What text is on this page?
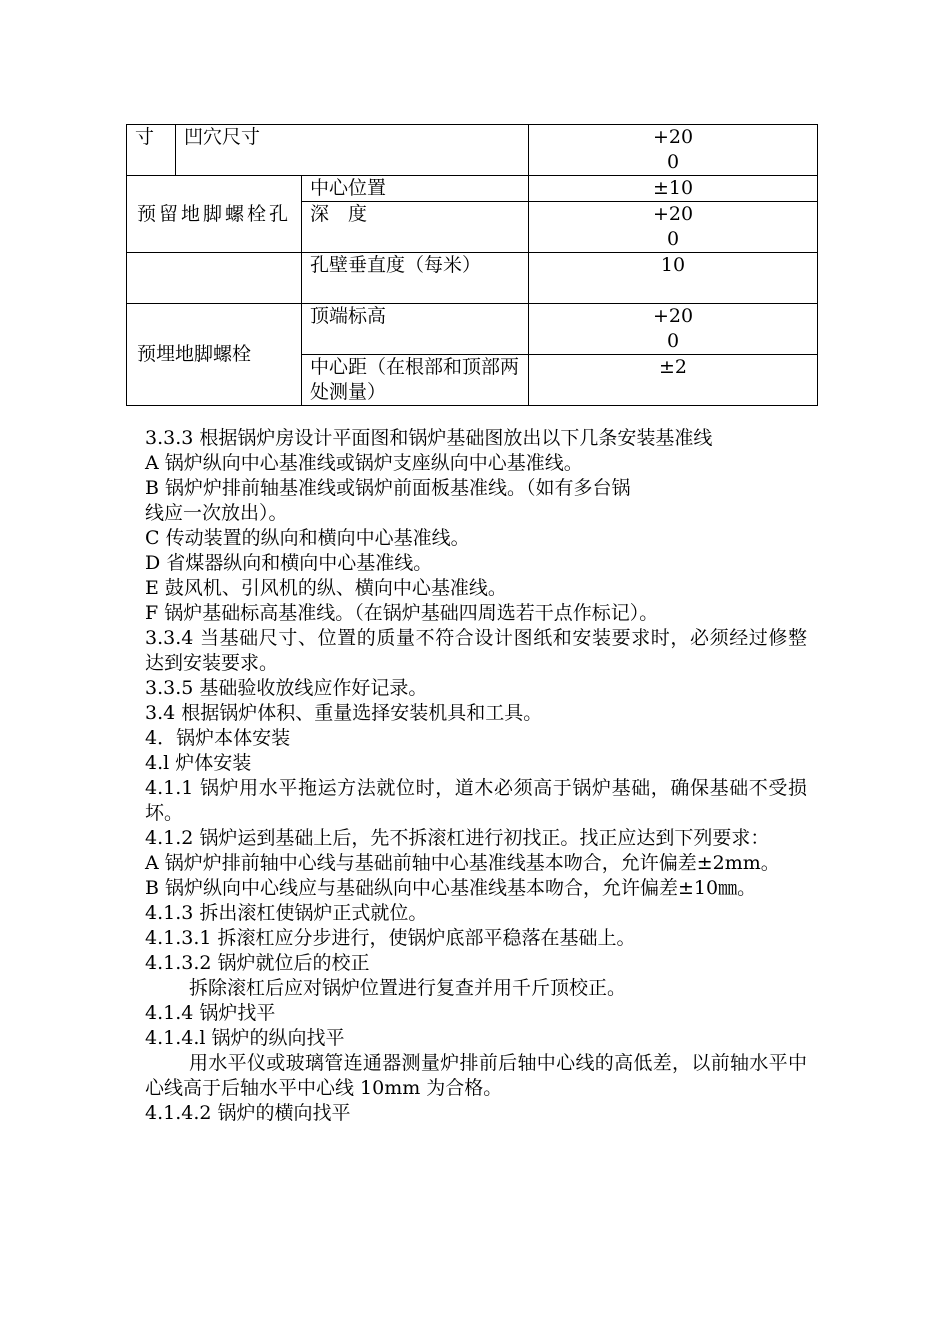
寸	凹穴尺寸		+20
0

预留地脚螺栓孔		中心位置	±10
		深　度	+20
0

		孔壁垂直度（每米）	10
预埋地脚螺栓		顶端标高	+20
0

		中心距（在根部和顶部两处测量）	±2

3.3.3 根据锅炉房设计平面图和锅炉基础图放出以下几条安装基准线

A 锅炉纵向中心基准线或锅炉支座纵向中心基准线。

B 锅炉炉排前轴基准线或锅炉前面板基准线。（如有多台锅

线应一次放出）。

C 传动装置的纵向和横向中心基准线。

D 省煤器纵向和横向中心基准线。

E 鼓风机、引风机的纵、横向中心基准线。

F 锅炉基础标高基准线。（在锅炉基础四周选若干点作标记）。

3.3.4 当基础尺寸、位置的质量不符合设计图纸和安装要求时，必须经过修整达到安装要求。

3.3.5 基础验收放线应作好记录。

3.4 根据锅炉体积、重量选择安装机具和工具。

4．锅炉本体安装

4.l 炉体安装

4.1.1 锅炉用水平拖运方法就位时，道木必须高于锅炉基础，确保基础不受损坏。

4.1.2 锅炉运到基础上后，先不拆滚杠进行初找正。找正应达到下列要求：

A 锅炉炉排前轴中心线与基础前轴中心基准线基本吻合，允许偏差±2mm。

B 锅炉纵向中心线应与基础纵向中心基准线基本吻合，允许偏差±10㎜。

4.1.3 拆出滚杠使锅炉正式就位。

4.1.3.1 拆滚杠应分步进行，使锅炉底部平稳落在基础上。

4.1.3.2 锅炉就位后的校正

拆除滚杠后应对锅炉位置进行复查并用千斤顶校正。

4.1.4 锅炉找平

4.1.4.l 锅炉的纵向找平

用水平仪或玻璃管连通器测量炉排前后轴中心线的高低差，以前轴水平中心线高于后轴水平中心线 10mm 为合格。

4.1.4.2 锅炉的横向找平
